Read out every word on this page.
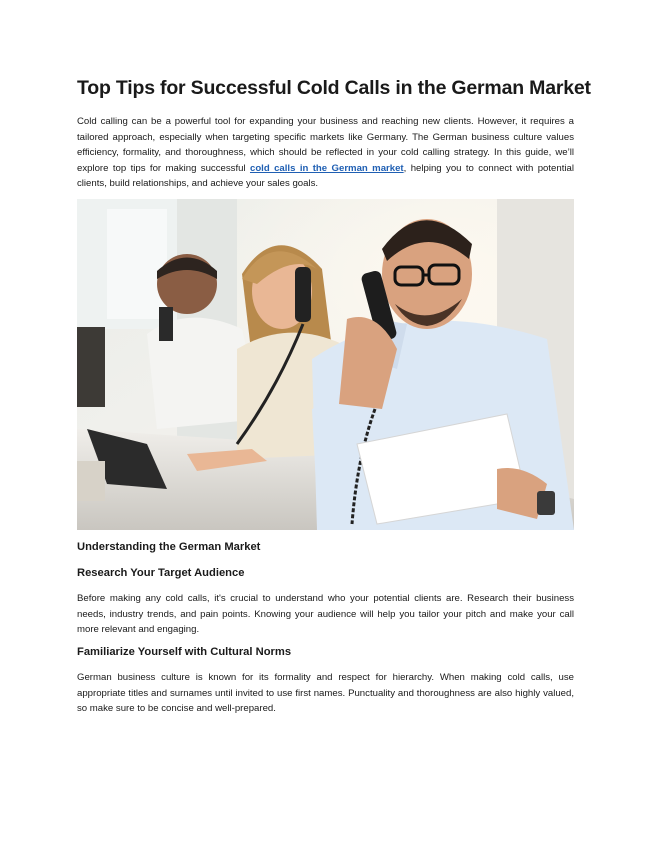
Top Tips for Successful Cold Calls in the German Market

Cold calling can be a powerful tool for expanding your business and reaching new clients. However, it requires a tailored approach, especially when targeting specific markets like Germany. The German business culture values efficiency, formality, and thoroughness, which should be reflected in your cold calling strategy. In this guide, we’ll explore top tips for making successful cold calls in the German market, helping you to connect with potential clients, build relationships, and achieve your sales goals.

Understanding the German Market
Research Your Target Audience

Before making any cold calls, it's crucial to understand who your potential clients are. Research their business needs, industry trends, and pain points. Knowing your audience will help you tailor your pitch and make your call more relevant and engaging.

Familiarize Yourself with Cultural Norms

German business culture is known for its formality and respect for hierarchy. When making cold calls, use appropriate titles and surnames until invited to use first names. Punctuality and thoroughness are also highly valued, so make sure to be concise and well-prepared.
